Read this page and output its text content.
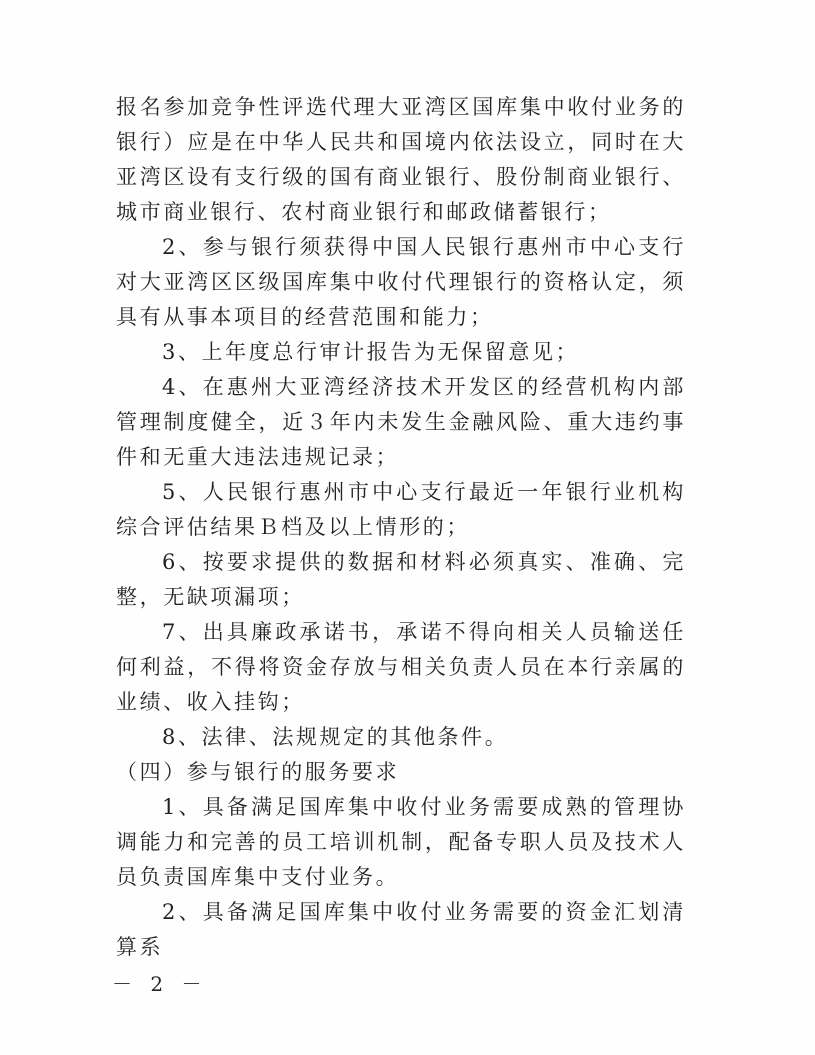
报名参加竞争性评选代理大亚湾区国库集中收付业务的银行）应是在中华人民共和国境内依法设立，同时在大亚湾区设有支行级的国有商业银行、股份制商业银行、城市商业银行、农村商业银行和邮政储蓄银行；

2、参与银行须获得中国人民银行惠州市中心支行对大亚湾区区级国库集中收付代理银行的资格认定，须具有从事本项目的经营范围和能力；

3、上年度总行审计报告为无保留意见；

4、在惠州大亚湾经济技术开发区的经营机构内部管理制度健全，近３年内未发生金融风险、重大违约事件和无重大违法违规记录；

5、人民银行惠州市中心支行最近一年银行业机构综合评估结果Ｂ档及以上情形的；

6、按要求提供的数据和材料必须真实、准确、完整，无缺项漏项；

7、出具廉政承诺书，承诺不得向相关人员输送任何利益，不得将资金存放与相关负责人员在本行亲属的业绩、收入挂钩；

8、法律、法规规定的其他条件。

（四）参与银行的服务要求

1、具备满足国库集中收付业务需要成熟的管理协调能力和完善的员工培训机制，配备专职人员及技术人员负责国库集中支付业务。

2、具备满足国库集中收付业务需要的资金汇划清算系

－ 2 －
